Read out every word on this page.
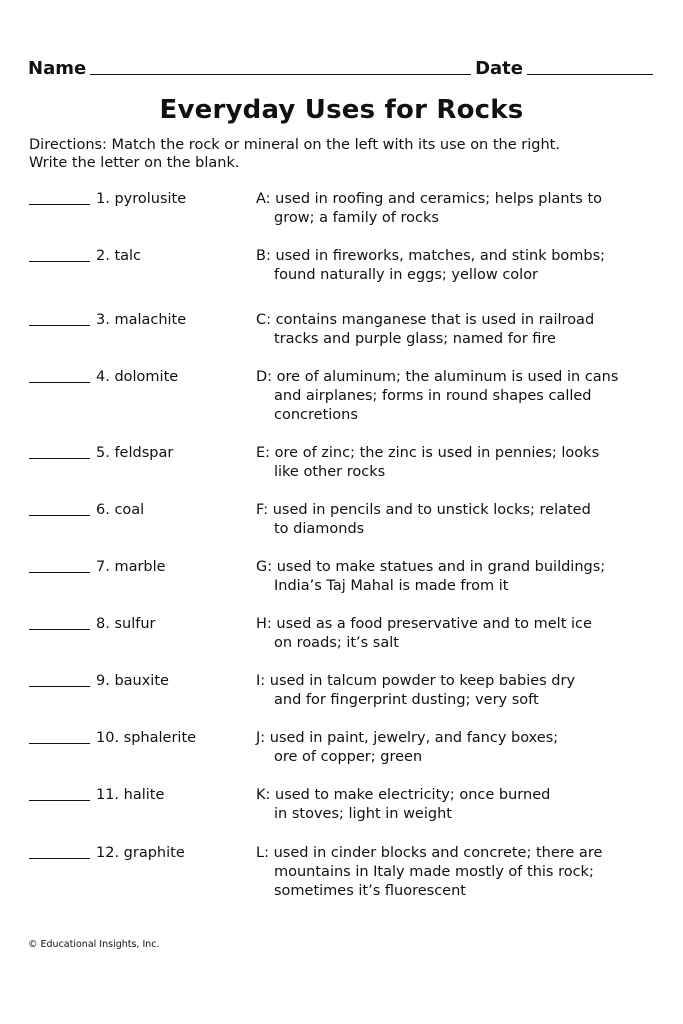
Name	Date
Everyday Uses for Rocks
Directions: Match the rock or mineral on the left with its use on the right.
Write the letter on the blank.
1. pyrolusite	A: used in roofing and ceramics; helps plants to
grow; a family of rocks
2. talc	B: used in fireworks, matches, and stink bombs;
found naturally in eggs; yellow color
3. malachite	C: contains manganese that is used in railroad
tracks and purple glass; named for fire
4. dolomite	D: ore of aluminum; the aluminum is used in cans
and airplanes; forms in round shapes called
concretions
5. feldspar	E: ore of zinc; the zinc is used in pennies; looks
like other rocks
6. coal	F: used in pencils and to unstick locks; related
to diamonds
7. marble	G: used to make statues and in grand buildings;
India’s Taj Mahal is made from it
8. sulfur	H: used as a food preservative and to melt ice
on roads; it’s salt
9. bauxite	I: used in talcum powder to keep babies dry
and for fingerprint dusting; very soft
10. sphalerite	J: used in paint, jewelry, and fancy boxes;
ore of copper; green
11. halite	K: used to make electricity; once burned
in stoves; light in weight
12. graphite	L: used in cinder blocks and concrete; there are
mountains in Italy made mostly of this rock;
sometimes it’s fluorescent
© Educational Insights, Inc.
